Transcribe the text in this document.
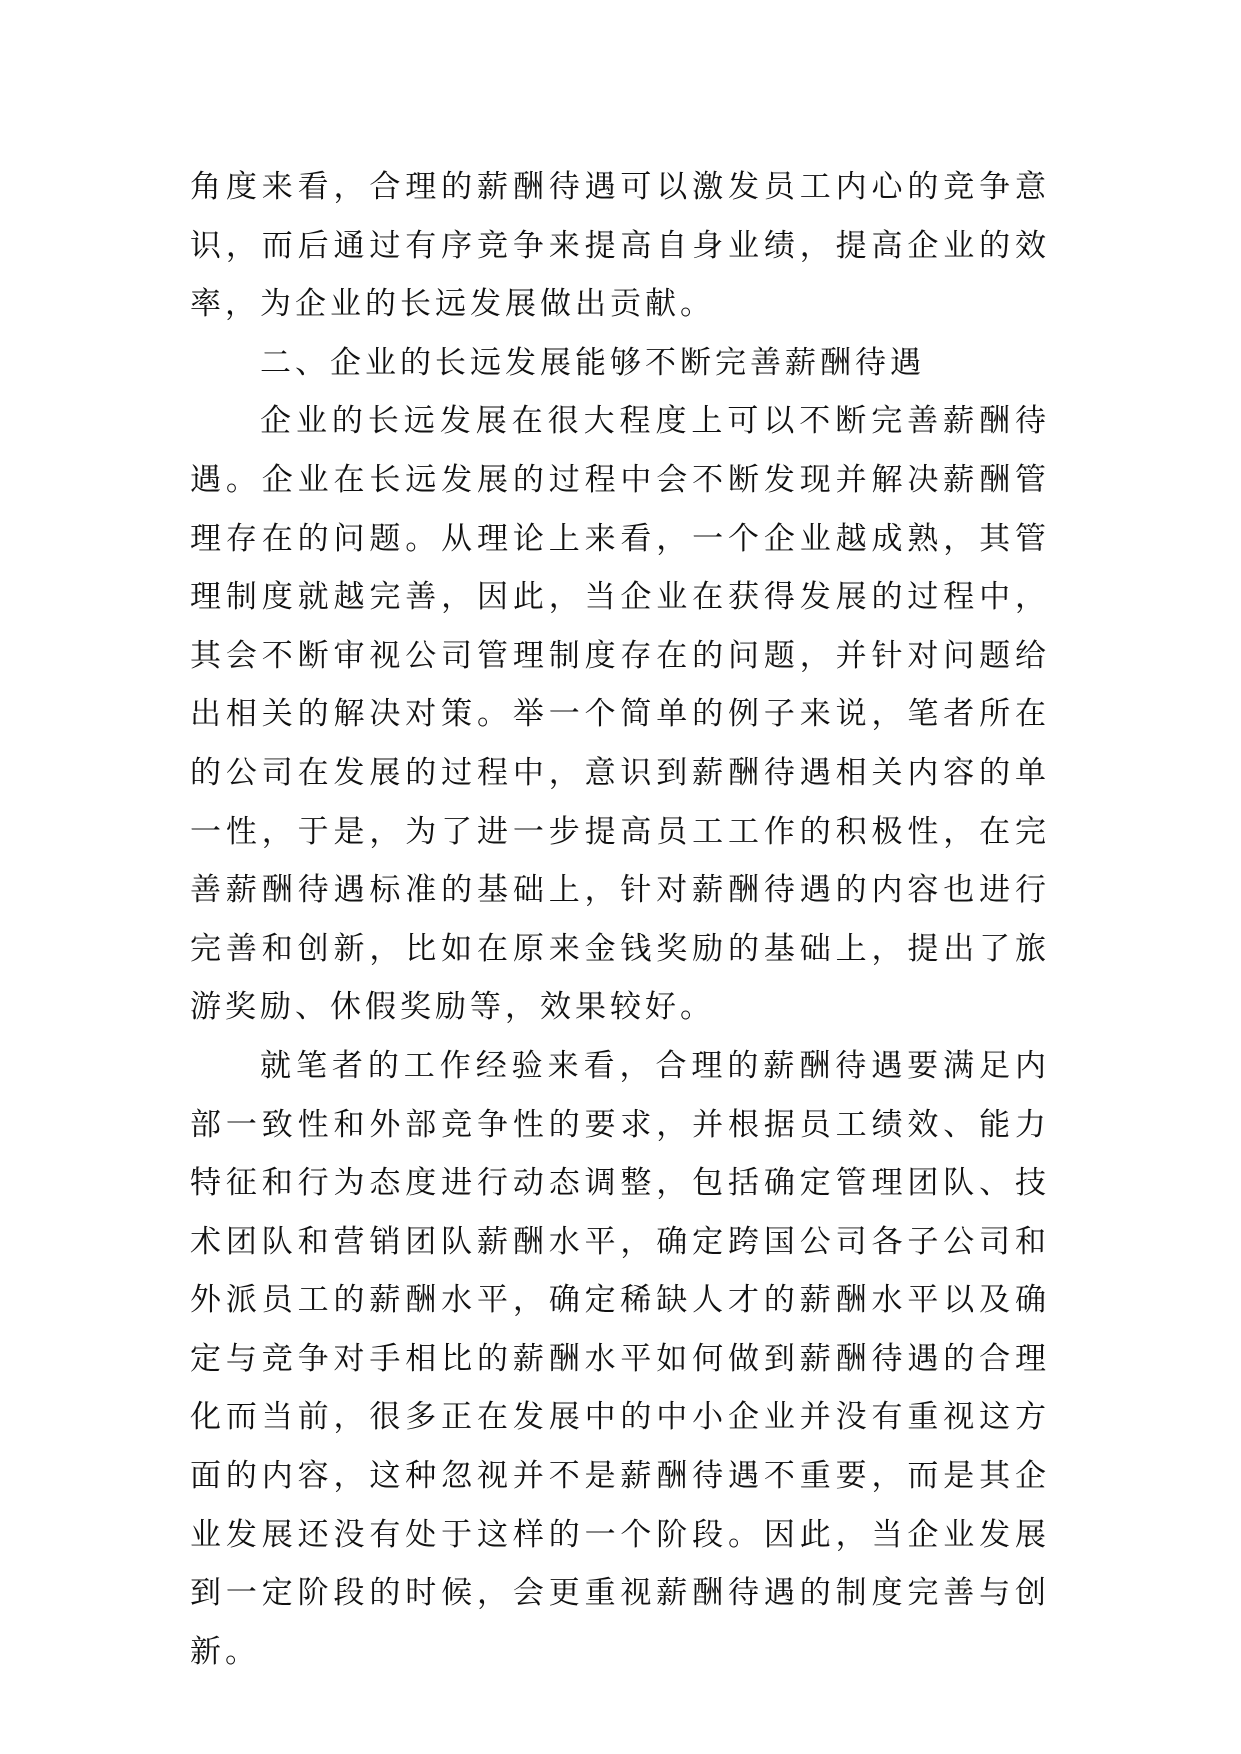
角度来看，合理的薪酬待遇可以激发员工内心的竞争意识，而后通过有序竞争来提高自身业绩，提高企业的效率，为企业的长远发展做出贡献。

二、企业的长远发展能够不断完善薪酬待遇

企业的长远发展在很大程度上可以不断完善薪酬待遇。企业在长远发展的过程中会不断发现并解决薪酬管理存在的问题。从理论上来看，一个企业越成熟，其管理制度就越完善，因此，当企业在获得发展的过程中，其会不断审视公司管理制度存在的问题，并针对问题给出相关的解决对策。举一个简单的例子来说，笔者所在的公司在发展的过程中，意识到薪酬待遇相关内容的单一性，于是，为了进一步提高员工工作的积极性，在完善薪酬待遇标准的基础上，针对薪酬待遇的内容也进行完善和创新，比如在原来金钱奖励的基础上，提出了旅游奖励、休假奖励等，效果较好。

就笔者的工作经验来看，合理的薪酬待遇要满足内部一致性和外部竞争性的要求，并根据员工绩效、能力特征和行为态度进行动态调整，包括确定管理团队、技术团队和营销团队薪酬水平，确定跨国公司各子公司和外派员工的薪酬水平，确定稀缺人才的薪酬水平以及确定与竞争对手相比的薪酬水平如何做到薪酬待遇的合理化而当前，很多正在发展中的中小企业并没有重视这方面的内容，这种忽视并不是薪酬待遇不重要，而是其企业发展还没有处于这样的一个阶段。因此，当企业发展到一定阶段的时候，会更重视薪酬待遇的制度完善与创新。
